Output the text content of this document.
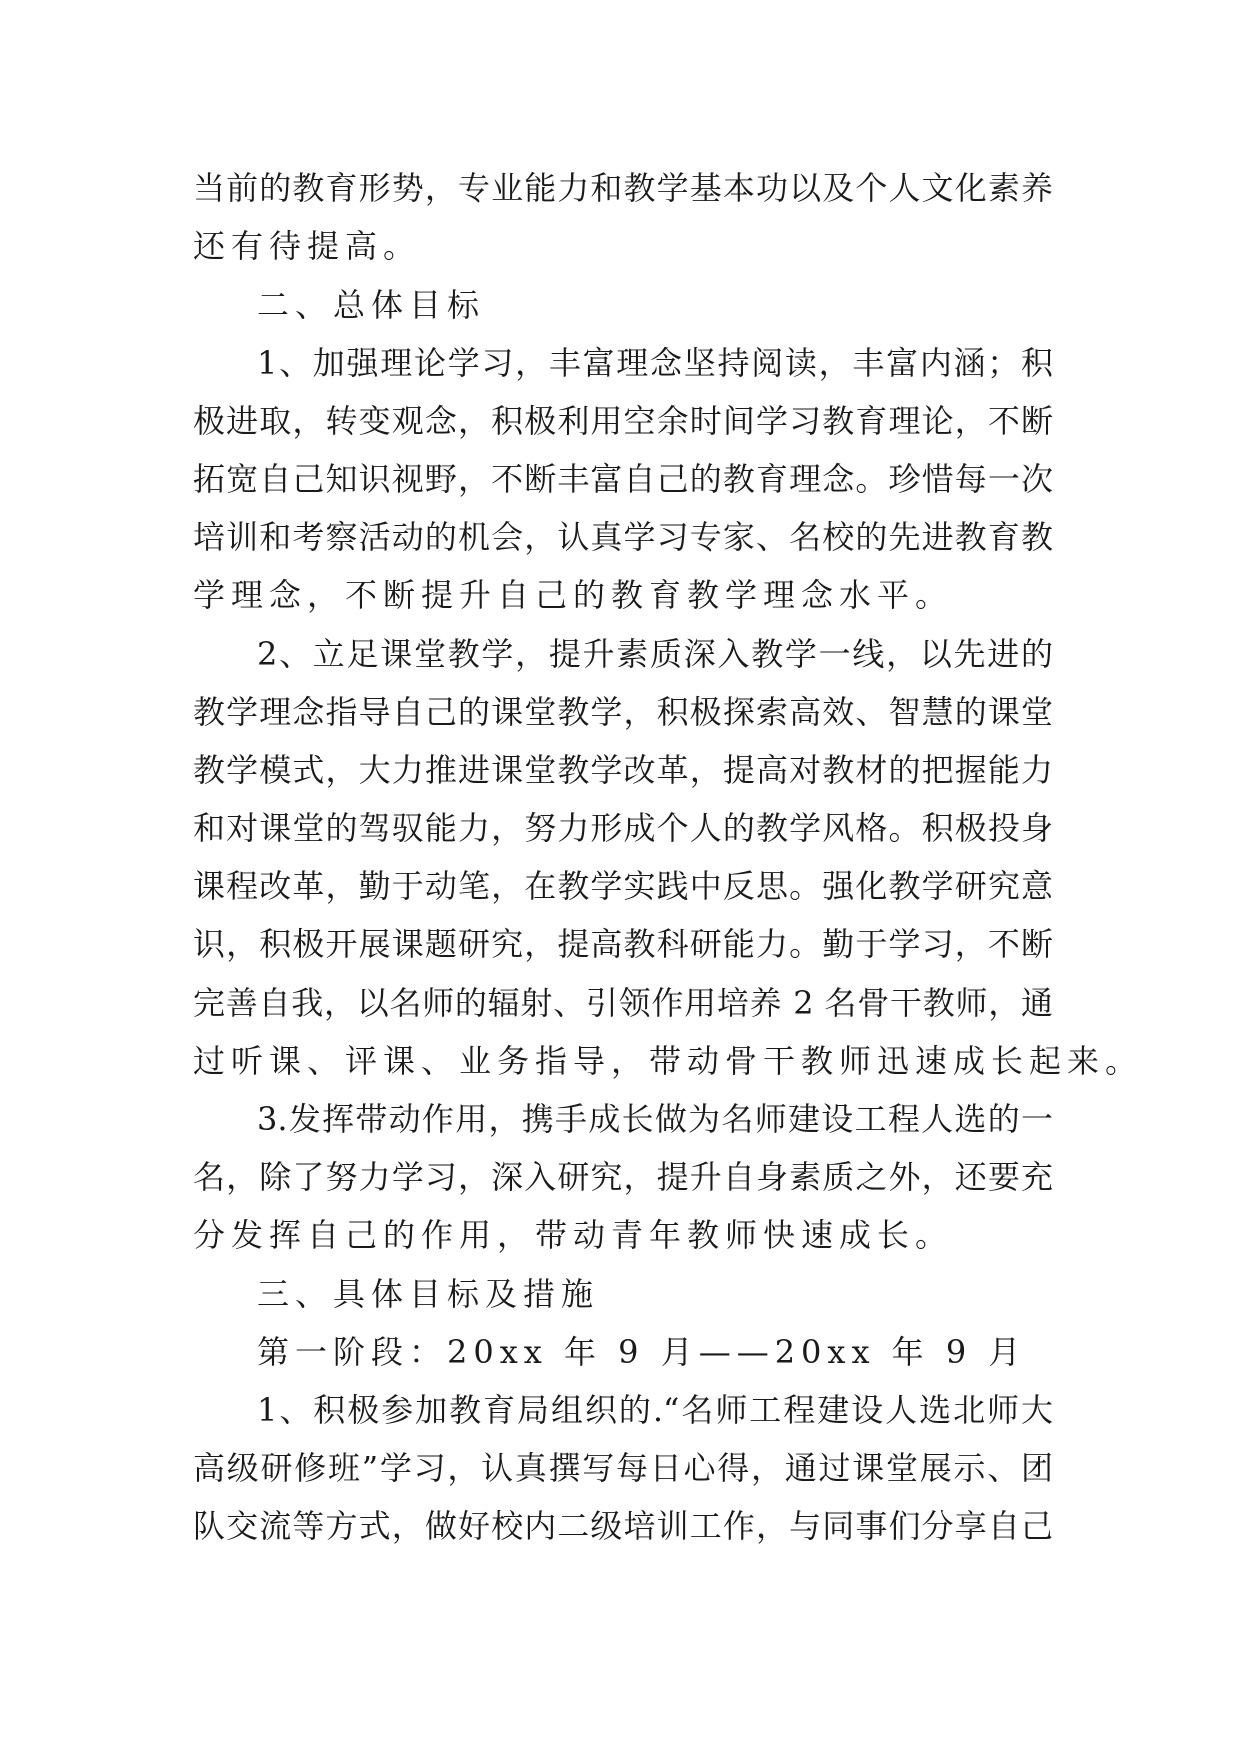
当前的教育形势，专业能力和教学基本功以及个人文化素养
还有待提高。
二、总体目标
1、加强理论学习，丰富理念坚持阅读，丰富内涵；积
极进取，转变观念，积极利用空余时间学习教育理论，不断
拓宽自己知识视野，不断丰富自己的教育理念。珍惜每一次
培训和考察活动的机会，认真学习专家、名校的先进教育教
学理念，不断提升自己的教育教学理念水平。
2、立足课堂教学，提升素质深入教学一线，以先进的
教学理念指导自己的课堂教学，积极探索高效、智慧的课堂
教学模式，大力推进课堂教学改革，提高对教材的把握能力
和对课堂的驾驭能力，努力形成个人的教学风格。积极投身
课程改革，勤于动笔，在教学实践中反思。强化教学研究意
识，积极开展课题研究，提高教科研能力。勤于学习，不断
完善自我，以名师的辐射、引领作用培养 2 名骨干教师，通
过听课、评课、业务指导，带动骨干教师迅速成长起来。
3.发挥带动作用，携手成长做为名师建设工程人选的一
名，除了努力学习，深入研究，提升自身素质之外，还要充
分发挥自己的作用，带动青年教师快速成长。
三、具体目标及措施
第一阶段：20xx 年 9 月——20xx 年 9 月
1、积极参加教育局组织的.“名师工程建设人选北师大
高级研修班”学习，认真撰写每日心得，通过课堂展示、团
队交流等方式，做好校内二级培训工作，与同事们分享自己
